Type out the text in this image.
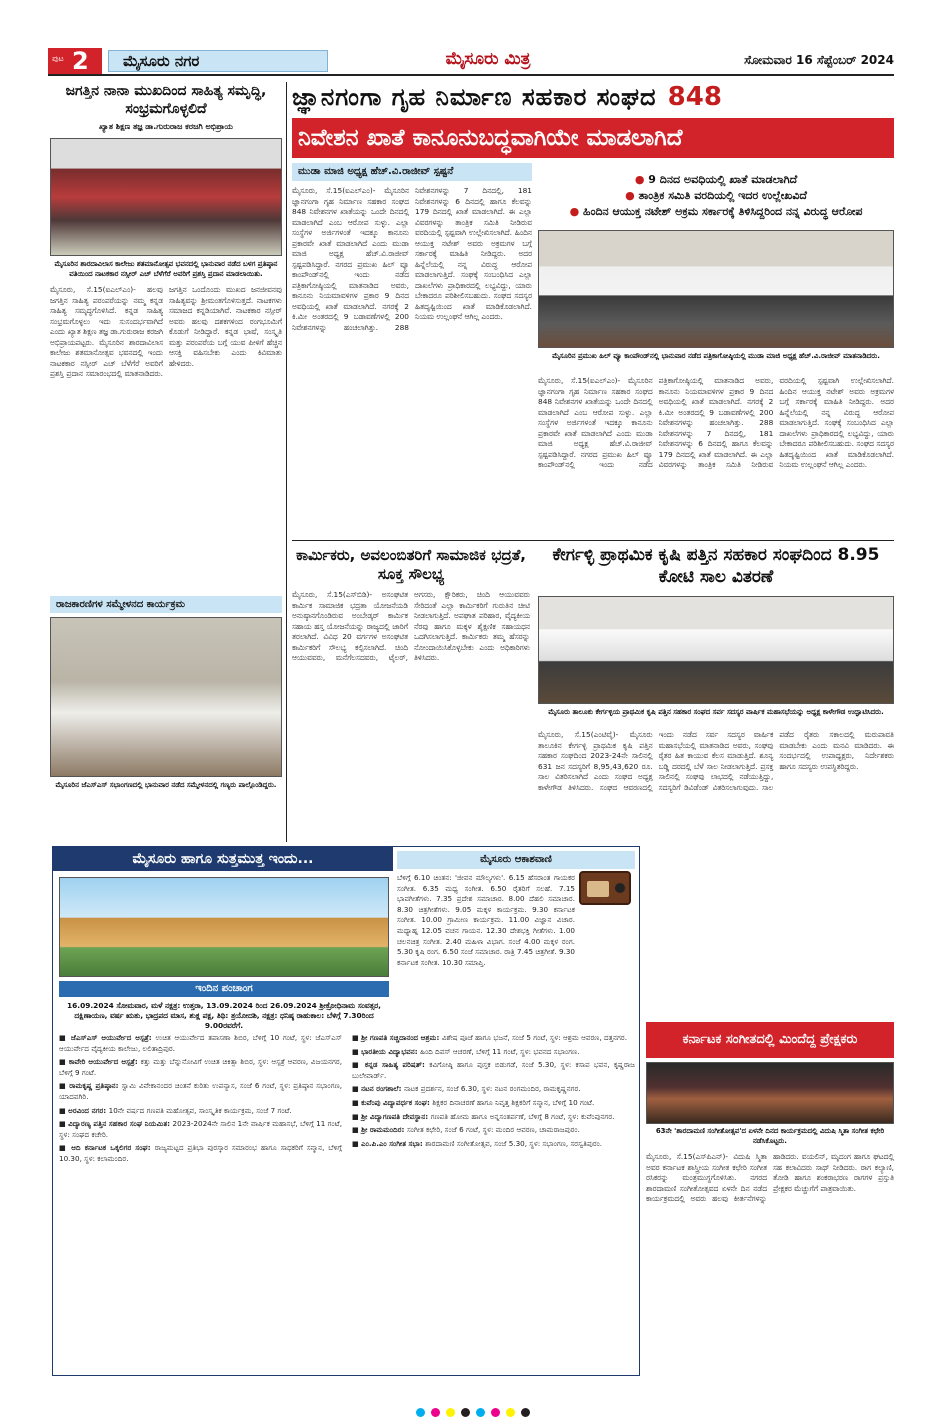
ಪುಟ 2	ಮೈಸೂರು ನಗರ	ಮೈಸೂರು ಮಿತ್ರ	ಸೋಮವಾರ 16 ಸೆಪ್ಟೆಂಬರ್ 2024
ಜಗತ್ತಿನ ನಾನಾ ಮುಖದಿಂದ ಸಾಹಿತ್ಯ ಸಮೃದ್ಧಿ, ಸಂಭ್ರಮಗೊಳ್ಳಲಿದೆ
ಖ್ಯಾತ ಶಿಕ್ಷಣ ತಜ್ಞ ಡಾ.ಗುರುರಾಜ ಕರಜಗಿ ಅಭಿಪ್ರಾಯ
ಮೈಸೂರಿನ ಶಾರದಾವಿಲಾಸ ಕಾಲೇಜು ಶತಮಾನೋತ್ಸವ ಭವನದಲ್ಲಿ ಭಾನುವಾರ ನಡೆದ ಬಳಗ ಪ್ರತಿಷ್ಠಾನ ವತಿಯಿಂದ ನಾಟಕಕಾರ ನಸ್ಸೀರ್ ಎಚ್ ಬೆಳೆಗೆರೆ ಅವರಿಗೆ ಪ್ರಶಸ್ತಿ ಪ್ರದಾನ ಮಾಡಲಾಯಿತು.
ಮೈಸೂರು, ಸೆ.15(ಐಎಲ್‌ಎಂ)- ಹಲವು ಜಗತ್ತಿನ ಸಾಹಿತ್ಯ ಪರಂಪರೆಯನ್ನು ನಮ್ಮ ಕನ್ನಡ ಸಾಹಿತ್ಯ ಸಮೃದ್ಧಗೊಳಿಸಿದೆ. ಕನ್ನಡ ಸಾಹಿತ್ಯ ಸಂಭ್ರಮಗೊಳ್ಳಲು ಇದು ಸುಸಂದರ್ಭವಾಗಿದೆ ಎಂದು ಖ್ಯಾತ ಶಿಕ್ಷಣ ತಜ್ಞ ಡಾ.ಗುರುರಾಜ ಕರಜಗಿ ಅಭಿಪ್ರಾಯಪಟ್ಟರು. ಮೈಸೂರಿನ ಶಾರದಾವಿಲಾಸ ಕಾಲೇಜು ಶತಮಾನೋತ್ಸವ ಭವನದಲ್ಲಿ ಇಂದು ನಾಟಕಕಾರ ನಸ್ಸೀರ್ ಎಚ್ ಬೆಳೆಗೆರೆ ಅವರಿಗೆ ಪ್ರಶಸ್ತಿ ಪ್ರದಾನ ಸಮಾರಂಭದಲ್ಲಿ ಮಾತನಾಡಿದರು. ಜಗತ್ತಿನ ಒಂದೊಂದು ಮುಖದ ಜನಜೀವನವು ಸಾಹಿತ್ಯವನ್ನು ಶ್ರೀಮಂತಗೊಳಿಸುತ್ತದೆ. ನಾಟಕಗಳು ಸಮಾಜದ ಕನ್ನಡಿಯಾಗಿವೆ. ನಾಟಕಕಾರ ನಸ್ಸೀರ್ ಅವರು ಹಲವು ದಶಕಗಳಿಂದ ರಂಗಭೂಮಿಗೆ ಕೊಡುಗೆ ನೀಡಿದ್ದಾರೆ. ಕನ್ನಡ ಭಾಷೆ, ಸಂಸ್ಕೃತಿ ಮತ್ತು ಪರಂಪರೆಯ ಬಗ್ಗೆ ಯುವ ಪೀಳಿಗೆ ಹೆಚ್ಚಿನ ಆಸಕ್ತಿ ವಹಿಸಬೇಕು ಎಂದು ಕಿವಿಮಾತು ಹೇಳಿದರು.
ಜ್ಞಾನಗಂಗಾ ಗೃಹ ನಿರ್ಮಾಣ ಸಹಕಾರ ಸಂಘದ 848
ನಿವೇಶನ ಖಾತೆ ಕಾನೂನುಬದ್ಧವಾಗಿಯೇ ಮಾಡಲಾಗಿದೆ
ಮುಡಾ ಮಾಜಿ ಅಧ್ಯಕ್ಷ ಹೆಚ್.ವಿ.ರಾಜೀವ್ ಸ್ಪಷ್ಟನೆ
ಮೈಸೂರು, ಸೆ.15(ಐಎಲ್‌ಎಂ)- ಮೈಸೂರಿನ ಜ್ಞಾನಗಂಗಾ ಗೃಹ ನಿರ್ಮಾಣ ಸಹಕಾರ ಸಂಘದ 848 ನಿವೇಶನಗಳ ಖಾತೆಯನ್ನು ಒಂದೇ ದಿನದಲ್ಲಿ ಮಾಡಲಾಗಿದೆ ಎಂಬ ಆರೋಪ ಸುಳ್ಳು. ಎಲ್ಲಾ ಸಂಸ್ಥೆಗಳ ಅರ್ಜಿಗಳಂತೆ ಇದಕ್ಕೂ ಕಾನೂನು ಪ್ರಕಾರವೇ ಖಾತೆ ಮಾಡಲಾಗಿದೆ ಎಂದು ಮುಡಾ ಮಾಜಿ ಅಧ್ಯಕ್ಷ ಹೆಚ್.ವಿ.ರಾಜೀವ್ ಸ್ಪಷ್ಟಪಡಿಸಿದ್ದಾರೆ. ನಗರದ ಪ್ರಮುಖ ಹಿಲ್ ವ್ಯೂ ಕಾಂಪೌಂಡ್‌ನಲ್ಲಿ ಇಂದು ನಡೆದ ಪತ್ರಿಕಾಗೋಷ್ಠಿಯಲ್ಲಿ ಮಾತನಾಡಿದ ಅವರು, ಕಾನೂನು ನಿಯಮಾವಳಿಗಳ ಪ್ರಕಾರ 9 ದಿನದ ಅವಧಿಯಲ್ಲಿ ಖಾತೆ ಮಾಡಲಾಗಿದೆ. ನಗರಕ್ಕೆ 2 ಕಿ.ಮೀ ಅಂತರದಲ್ಲಿ 9 ಬಡಾವಣೆಗಳಲ್ಲಿ 200 ನಿವೇಶನಗಳನ್ನು ಹಂಚಲಾಗಿತ್ತು. 288 ನಿವೇಶನಗಳನ್ನು 7 ದಿನದಲ್ಲಿ, 181 ನಿವೇಶನಗಳನ್ನು 6 ದಿನದಲ್ಲಿ ಹಾಗೂ ಕೆಲವನ್ನು 179 ದಿನದಲ್ಲಿ ಖಾತೆ ಮಾಡಲಾಗಿದೆ. ಈ ಎಲ್ಲಾ ವಿವರಗಳನ್ನು ತಾಂತ್ರಿಕ ಸಮಿತಿ ನೀಡಿರುವ ವರದಿಯಲ್ಲಿ ಸ್ಪಷ್ಟವಾಗಿ ಉಲ್ಲೇಖಿಸಲಾಗಿದೆ. ಹಿಂದಿನ ಆಯುಕ್ತ ನಟೇಶ್ ಅವರು ಅಕ್ರಮಗಳ ಬಗ್ಗೆ ಸರ್ಕಾರಕ್ಕೆ ಮಾಹಿತಿ ನೀಡಿದ್ದರು. ಅದರ ಹಿನ್ನೆಲೆಯಲ್ಲಿ ನನ್ನ ವಿರುದ್ಧ ಆರೋಪ ಮಾಡಲಾಗುತ್ತಿದೆ. ಸಂಘಕ್ಕೆ ಸಂಬಂಧಿಸಿದ ಎಲ್ಲಾ ದಾಖಲೆಗಳು ಪ್ರಾಧಿಕಾರದಲ್ಲಿ ಲಭ್ಯವಿದ್ದು, ಯಾರು ಬೇಕಾದರೂ ಪರಿಶೀಲಿಸಬಹುದು. ಸಂಘದ ಸದಸ್ಯರ ಹಿತದೃಷ್ಟಿಯಿಂದ ಖಾತೆ ಮಾಡಿಕೊಡಲಾಗಿದೆ. ನಿಯಮ ಉಲ್ಲಂಘನೆ ಆಗಿಲ್ಲ ಎಂದರು.
● 9 ದಿನದ ಅವಧಿಯಲ್ಲಿ ಖಾತೆ ಮಾಡಲಾಗಿದೆ
● ತಾಂತ್ರಿಕ ಸಮಿತಿ ವರದಿಯಲ್ಲಿ ಇದರ ಉಲ್ಲೇಖವಿದೆ
● ಹಿಂದಿನ ಆಯುಕ್ತ ನಟೇಶ್ ಅಕ್ರಮ ಸರ್ಕಾರಕ್ಕೆ ತಿಳಿಸಿದ್ದರಿಂದ ನನ್ನ ವಿರುದ್ಧ ಆರೋಪ
ಮೈಸೂರಿನ ಪ್ರಮುಖ ಹಿಲ್ ವ್ಯೂ ಕಾಂಪೌಂಡ್‌ನಲ್ಲಿ ಭಾನುವಾರ ನಡೆದ ಪತ್ರಿಕಾಗೋಷ್ಠಿಯಲ್ಲಿ ಮುಡಾ ಮಾಜಿ ಅಧ್ಯಕ್ಷ ಹೆಚ್.ವಿ.ರಾಜೀವ್ ಮಾತನಾಡಿದರು.
ಮೈಸೂರು, ಸೆ.15(ಐಎಲ್‌ಎಂ)- ಮೈಸೂರಿನ ಜ್ಞಾನಗಂಗಾ ಗೃಹ ನಿರ್ಮಾಣ ಸಹಕಾರ ಸಂಘದ 848 ನಿವೇಶನಗಳ ಖಾತೆಯನ್ನು ಒಂದೇ ದಿನದಲ್ಲಿ ಮಾಡಲಾಗಿದೆ ಎಂಬ ಆರೋಪ ಸುಳ್ಳು. ಎಲ್ಲಾ ಸಂಸ್ಥೆಗಳ ಅರ್ಜಿಗಳಂತೆ ಇದಕ್ಕೂ ಕಾನೂನು ಪ್ರಕಾರವೇ ಖಾತೆ ಮಾಡಲಾಗಿದೆ ಎಂದು ಮುಡಾ ಮಾಜಿ ಅಧ್ಯಕ್ಷ ಹೆಚ್.ವಿ.ರಾಜೀವ್ ಸ್ಪಷ್ಟಪಡಿಸಿದ್ದಾರೆ. ನಗರದ ಪ್ರಮುಖ ಹಿಲ್ ವ್ಯೂ ಕಾಂಪೌಂಡ್‌ನಲ್ಲಿ ಇಂದು ನಡೆದ ಪತ್ರಿಕಾಗೋಷ್ಠಿಯಲ್ಲಿ ಮಾತನಾಡಿದ ಅವರು, ಕಾನೂನು ನಿಯಮಾವಳಿಗಳ ಪ್ರಕಾರ 9 ದಿನದ ಅವಧಿಯಲ್ಲಿ ಖಾತೆ ಮಾಡಲಾಗಿದೆ. ನಗರಕ್ಕೆ 2 ಕಿ.ಮೀ ಅಂತರದಲ್ಲಿ 9 ಬಡಾವಣೆಗಳಲ್ಲಿ 200 ನಿವೇಶನಗಳನ್ನು ಹಂಚಲಾಗಿತ್ತು. 288 ನಿವೇಶನಗಳನ್ನು 7 ದಿನದಲ್ಲಿ, 181 ನಿವೇಶನಗಳನ್ನು 6 ದಿನದಲ್ಲಿ ಹಾಗೂ ಕೆಲವನ್ನು 179 ದಿನದಲ್ಲಿ ಖಾತೆ ಮಾಡಲಾಗಿದೆ. ಈ ಎಲ್ಲಾ ವಿವರಗಳನ್ನು ತಾಂತ್ರಿಕ ಸಮಿತಿ ನೀಡಿರುವ ವರದಿಯಲ್ಲಿ ಸ್ಪಷ್ಟವಾಗಿ ಉಲ್ಲೇಖಿಸಲಾಗಿದೆ. ಹಿಂದಿನ ಆಯುಕ್ತ ನಟೇಶ್ ಅವರು ಅಕ್ರಮಗಳ ಬಗ್ಗೆ ಸರ್ಕಾರಕ್ಕೆ ಮಾಹಿತಿ ನೀಡಿದ್ದರು. ಅದರ ಹಿನ್ನೆಲೆಯಲ್ಲಿ ನನ್ನ ವಿರುದ್ಧ ಆರೋಪ ಮಾಡಲಾಗುತ್ತಿದೆ. ಸಂಘಕ್ಕೆ ಸಂಬಂಧಿಸಿದ ಎಲ್ಲಾ ದಾಖಲೆಗಳು ಪ್ರಾಧಿಕಾರದಲ್ಲಿ ಲಭ್ಯವಿದ್ದು, ಯಾರು ಬೇಕಾದರೂ ಪರಿಶೀಲಿಸಬಹುದು. ಸಂಘದ ಸದಸ್ಯರ ಹಿತದೃಷ್ಟಿಯಿಂದ ಖಾತೆ ಮಾಡಿಕೊಡಲಾಗಿದೆ. ನಿಯಮ ಉಲ್ಲಂಘನೆ ಆಗಿಲ್ಲ ಎಂದರು.
ರಾಜಕಾರಣಿಗಳ ಸಮ್ಮೇಳನದ ಕಾರ್ಯಕ್ರಮ
ಮೈಸೂರಿನ ಜೆಎಸ್‌ಎಸ್ ಸಭಾಂಗಣದಲ್ಲಿ ಭಾನುವಾರ ನಡೆದ ಸಮ್ಮೇಳನದಲ್ಲಿ ಗಣ್ಯರು ಪಾಲ್ಗೊಂಡಿದ್ದರು.
ಕಾರ್ಮಿಕರು, ಅವಲಂಬಿತರಿಗೆ ಸಾಮಾಜಿಕ ಭದ್ರತೆ, ಸೂಕ್ತ ಸೌಲಭ್ಯ
ಮೈಸೂರು, ಸೆ.15(ಎಸ್‌ಬಿಡಿ)- ಅಸಂಘಟಿತ ಕಾರ್ಮಿಕ ಸಾಮಾಜಿಕ ಭದ್ರತಾ ಯೋಜನೆಯಡಿ ಅನುಷ್ಠಾನಗೊಂಡಿರುವ ಅಂಬೇಡ್ಕರ್ ಕಾರ್ಮಿಕ ಸಹಾಯ ಹಸ್ತ ಯೋಜನೆಯನ್ನು ರಾಜ್ಯದಲ್ಲಿ ಜಾರಿಗೆ ತರಲಾಗಿದೆ. ವಿವಿಧ 20 ವರ್ಗಗಳ ಅಸಂಘಟಿತ ಕಾರ್ಮಿಕರಿಗೆ ಸೌಲಭ್ಯ ಕಲ್ಪಿಸಲಾಗಿದೆ. ಚಿಂದಿ ಆಯುವವರು, ಮನೆಗೆಲಸದವರು, ಟೈಲರ್, ಅಗಸರು, ಕ್ಷೌರಿಕರು, ಚಿಂದಿ ಆಯುವವರು ಸೇರಿದಂತೆ ಎಲ್ಲಾ ಕಾರ್ಮಿಕರಿಗೆ ಗುರುತಿನ ಚೀಟಿ ನೀಡಲಾಗುತ್ತಿದೆ. ಅಪಘಾತ ಪರಿಹಾರ, ವೈದ್ಯಕೀಯ ನೆರವು ಹಾಗೂ ಮಕ್ಕಳ ಶೈಕ್ಷಣಿಕ ಸಹಾಯಧನ ಒದಗಿಸಲಾಗುತ್ತಿದೆ. ಕಾರ್ಮಿಕರು ತಮ್ಮ ಹೆಸರನ್ನು ನೋಂದಾಯಿಸಿಕೊಳ್ಳಬೇಕು ಎಂದು ಅಧಿಕಾರಿಗಳು ತಿಳಿಸಿದರು.
ಕೇರ್ಗಳ್ಳಿ ಪ್ರಾಥಮಿಕ ಕೃಷಿ ಪತ್ತಿನ ಸಹಕಾರ ಸಂಘದಿಂದ 8.95 ಕೋಟಿ ಸಾಲ ವಿತರಣೆ
ಮೈಸೂರು ತಾಲೂಕು ಕೇರ್ಗಳ್ಳಿಯ ಪ್ರಾಥಮಿಕ ಕೃಷಿ ಪತ್ತಿನ ಸಹಕಾರ ಸಂಘದ ಸರ್ವ ಸದಸ್ಯರ ವಾರ್ಷಿಕ ಮಹಾಸಭೆಯನ್ನು ಅಧ್ಯಕ್ಷ ಕಾಳೇಗೌಡ ಉದ್ಘಾಟಿಸಿದರು.
ಮೈಸೂರು, ಸೆ.15(ಎಂಟಿವೈ)- ಮೈಸೂರು ತಾಲೂಕಿನ ಕೇರ್ಗಳ್ಳಿ ಪ್ರಾಥಮಿಕ ಕೃಷಿ ಪತ್ತಿನ ಸಹಕಾರ ಸಂಘದಿಂದ 2023-24ನೇ ಸಾಲಿನಲ್ಲಿ 631 ಜನ ಸದಸ್ಯರಿಗೆ 8,95,43,620 ರೂ. ಸಾಲ ವಿತರಿಸಲಾಗಿದೆ ಎಂದು ಸಂಘದ ಅಧ್ಯಕ್ಷ ಕಾಳೇಗೌಡ ತಿಳಿಸಿದರು. ಸಂಘದ ಆವರಣದಲ್ಲಿ ಇಂದು ನಡೆದ ಸರ್ವ ಸದಸ್ಯರ ವಾರ್ಷಿಕ ಮಹಾಸಭೆಯಲ್ಲಿ ಮಾತನಾಡಿದ ಅವರು, ಸಂಘವು ರೈತರ ಹಿತ ಕಾಯುವ ಕೆಲಸ ಮಾಡುತ್ತಿದೆ. ಶೂನ್ಯ ಬಡ್ಡಿ ದರದಲ್ಲಿ ಬೆಳೆ ಸಾಲ ನೀಡಲಾಗುತ್ತಿದೆ. ಪ್ರಸಕ್ತ ಸಾಲಿನಲ್ಲಿ ಸಂಘವು ಲಾಭದಲ್ಲಿ ನಡೆಯುತ್ತಿದ್ದು, ಸದಸ್ಯರಿಗೆ ಡಿವಿಡೆಂಡ್ ವಿತರಿಸಲಾಗುವುದು. ಸಾಲ ಪಡೆದ ರೈತರು ಸಕಾಲದಲ್ಲಿ ಮರುಪಾವತಿ ಮಾಡಬೇಕು ಎಂದು ಮನವಿ ಮಾಡಿದರು. ಈ ಸಂದರ್ಭದಲ್ಲಿ ಉಪಾಧ್ಯಕ್ಷರು, ನಿರ್ದೇಶಕರು ಹಾಗೂ ಸದಸ್ಯರು ಉಪಸ್ಥಿತರಿದ್ದರು.
ಮೈಸೂರು ಹಾಗೂ ಸುತ್ತಮುತ್ತ ಇಂದು...
ಇಂದಿನ ಪಂಚಾಂಗ
16.09.2024 ಸೋಮವಾರ, ಮಳೆ ನಕ್ಷತ್ರ: ಉತ್ತರಾ, 13.09.2024 ರಿಂದ 26.09.2024 ಶ್ರೀಕ್ರೋಧಿನಾಮ ಸಂವತ್ಸರ, ದಕ್ಷಿಣಾಯಣ, ವರ್ಷ ಋತು, ಭಾದ್ರಪದ ಮಾಸ, ಶುಕ್ಲ ಪಕ್ಷ, ತಿಥಿ: ತ್ರಯೋದಶಿ, ನಕ್ಷತ್ರ: ಧನಿಷ್ಠ ರಾಹುಕಾಲ: ಬೆಳಿಗ್ಗೆ 7.30ರಿಂದ 9.00ರವರೆಗೆ.
ಮೈಸೂರು ಆಕಾಶವಾಣಿ
ಬೆಳಿಗ್ಗೆ 6.10 ಚಿಂತನ: 'ಜೀವನ ಮೌಲ್ಯಗಳು'. 6.15 ಹೆಸರಾಂತ ಗಾಯಕರ ಸಂಗೀತ. 6.35 ಮಧ್ಯ ಸಂಗೀತ. 6.50 ರೈತರಿಗೆ ಸಲಹೆ. 7.15 ಭಾವಗೀತೆಗಳು. 7.35 ಪ್ರದೇಶ ಸಮಾಚಾರ. 8.00 ದೆಹಲಿ ಸಮಾಚಾರ. 8.30 ಚಿತ್ರಗೀತೆಗಳು. 9.05 ಮಕ್ಕಳ ಕಾರ್ಯಕ್ರಮ. 9.30 ಕರ್ನಾಟಕ ಸಂಗೀತ. 10.00 ಗ್ರಾಮೀಣ ಕಾರ್ಯಕ್ರಮ. 11.00 ವಿಜ್ಞಾನ ವಿಚಾರ. ಮಧ್ಯಾಹ್ನ 12.05 ವಚನ ಗಾಯನ. 12.30 ದೇಶಭಕ್ತಿ ಗೀತೆಗಳು. 1.00 ಚಲನಚಿತ್ರ ಸಂಗೀತ. 2.40 ಮಹಿಳಾ ವಿಭಾಗ. ಸಂಜೆ 4.00 ಮಕ್ಕಳ ರಂಗ. 5.30 ಕೃಷಿ ರಂಗ. 6.50 ಸಂಜೆ ಸಮಾಚಾರ. ರಾತ್ರಿ 7.45 ಚಿತ್ರಗೀತೆ. 9.30 ಕರ್ನಾಟಕ ಸಂಗೀತ. 10.30 ಸಮಾಪ್ತಿ.
■ ಜೆಎಸ್‌ಎಸ್ ಆಯುರ್ವೇದ ಆಸ್ಪತ್ರೆ: ಉಚಿತ ಆಯುರ್ವೇದ ತಪಾಸಣಾ ಶಿಬಿರ, ಬೆಳಿಗ್ಗೆ 10 ಗಂಟೆ, ಸ್ಥಳ: ಜೆಎಸ್‌ಎಸ್ ಆಯುರ್ವೇದ ವೈದ್ಯಕೀಯ ಕಾಲೇಜು, ಲಲಿತಾದ್ರಿಪುರ.
■ ಕಾವೇರಿ ಆಯುರ್ವೇದ ಆಸ್ಪತ್ರೆ: ಕತ್ತು ಮತ್ತು ಬೆನ್ನುನೋವಿಗೆ ಉಚಿತ ಚಿಕಿತ್ಸಾ ಶಿಬಿರ, ಸ್ಥಳ: ಆಸ್ಪತ್ರೆ ಆವರಣ, ವಿಜಯನಗರ, ಬೆಳಿಗ್ಗೆ 9 ಗಂಟೆ.
■ ರಾಮಕೃಷ್ಣ ಪ್ರತಿಷ್ಠಾನ: ಸ್ವಾಮಿ ವಿವೇಕಾನಂದರ ಚಿಂತನೆ ಕುರಿತು ಉಪನ್ಯಾಸ, ಸಂಜೆ 6 ಗಂಟೆ, ಸ್ಥಳ: ಪ್ರತಿಷ್ಠಾನ ಸಭಾಂಗಣ, ಯಾದವಗಿರಿ.
■ ಅರವಿಂದ ನಗರ: 10ನೇ ವರ್ಷದ ಗಣಪತಿ ಮಹೋತ್ಸವ, ಸಾಂಸ್ಕೃತಿಕ ಕಾರ್ಯಕ್ರಮ, ಸಂಜೆ 7 ಗಂಟೆ.
■ ವಿದ್ಯಾರಣ್ಯ ಪತ್ತಿನ ಸಹಕಾರ ಸಂಘ ನಿಯಮಿತ: 2023-2024ನೇ ಸಾಲಿನ 1ನೇ ವಾರ್ಷಿಕ ಮಹಾಸಭೆ, ಬೆಳಿಗ್ಗೆ 11 ಗಂಟೆ, ಸ್ಥಳ: ಸಂಘದ ಕಚೇರಿ.
■ ಆದಿ ಕರ್ನಾಟಕ ಒಕ್ಕಲಿಗರ ಸಂಘ: ರಾಜ್ಯಮಟ್ಟದ ಪ್ರತಿಭಾ ಪುರಸ್ಕಾರ ಸಮಾರಂಭ ಹಾಗೂ ಸಾಧಕರಿಗೆ ಸನ್ಮಾನ, ಬೆಳಿಗ್ಗೆ 10.30, ಸ್ಥಳ: ಕಲಾಮಂದಿರ.
■ ಶ್ರೀ ಗಣಪತಿ ಸಚ್ಚಿದಾನಂದ ಆಶ್ರಮ: ವಿಶೇಷ ಪೂಜೆ ಹಾಗೂ ಭಜನೆ, ಸಂಜೆ 5 ಗಂಟೆ, ಸ್ಥಳ: ಆಶ್ರಮ ಆವರಣ, ದತ್ತನಗರ.
■ ಭಾರತೀಯ ವಿದ್ಯಾಭವನ: ಹಿಂದಿ ದಿವಸ್ ಆಚರಣೆ, ಬೆಳಿಗ್ಗೆ 11 ಗಂಟೆ, ಸ್ಥಳ: ಭವನದ ಸಭಾಂಗಣ.
■ ಕನ್ನಡ ಸಾಹಿತ್ಯ ಪರಿಷತ್: ಕವಿಗೋಷ್ಠಿ ಹಾಗೂ ಪುಸ್ತಕ ಬಿಡುಗಡೆ, ಸಂಜೆ 5.30, ಸ್ಥಳ: ಕಸಾಪ ಭವನ, ಕೃಷ್ಣರಾಜ ಬುಲೇವಾರ್ಡ್.
■ ನಟನ ರಂಗಶಾಲೆ: ನಾಟಕ ಪ್ರದರ್ಶನ, ಸಂಜೆ 6.30, ಸ್ಥಳ: ನಟನ ರಂಗಮಂದಿರ, ರಾಮಕೃಷ್ಣನಗರ.
■ ಕುವೆಂಪು ವಿದ್ಯಾವರ್ಧಕ ಸಂಘ: ಶಿಕ್ಷಕರ ದಿನಾಚರಣೆ ಹಾಗೂ ನಿವೃತ್ತ ಶಿಕ್ಷಕರಿಗೆ ಸನ್ಮಾನ, ಬೆಳಿಗ್ಗೆ 10 ಗಂಟೆ.
■ ಶ್ರೀ ವಿದ್ಯಾಗಣಪತಿ ದೇವಸ್ಥಾನ: ಗಣಪತಿ ಹೋಮ ಹಾಗೂ ಅನ್ನಸಂತರ್ಪಣೆ, ಬೆಳಿಗ್ಗೆ 8 ಗಂಟೆ, ಸ್ಥಳ: ಕುವೆಂಪುನಗರ.
■ ಶ್ರೀ ರಾಮಮಂದಿರ: ಸಂಗೀತ ಕಛೇರಿ, ಸಂಜೆ 6 ಗಂಟೆ, ಸ್ಥಳ: ಮಂದಿರ ಆವರಣ, ಚಾಮರಾಜಪುರಂ.
■ ಎಂ.ಪಿ.ಎಂ ಸಂಗೀತ ಸಭಾ: ಶಾರದಾಮಣಿ ಸಂಗೀತೋತ್ಸವ, ಸಂಜೆ 5.30, ಸ್ಥಳ: ಸಭಾಂಗಣ, ಸರಸ್ವತಿಪುರಂ.
ಕರ್ನಾಟಕ ಸಂಗೀತದಲ್ಲಿ ಮಿಂದೆದ್ದ ಪ್ರೇಕ್ಷಕರು
63ನೇ 'ಶಾರದಾಮಣಿ ಸಂಗೀತೋತ್ಸವ'ದ ಏಳನೇ ದಿನದ ಕಾರ್ಯಕ್ರಮದಲ್ಲಿ ವಿದುಷಿ ಸ್ಮಿತಾ ಸಂಗೀತ ಕಛೇರಿ ನಡೆಸಿಕೊಟ್ಟರು.
ಮೈಸೂರು, ಸೆ.15(ಎಸ್‌ಪಿಎನ್)- ವಿದುಷಿ ಸ್ಮಿತಾ ಅವರ ಕರ್ನಾಟಕ ಶಾಸ್ತ್ರೀಯ ಸಂಗೀತ ಕಛೇರಿ ಸಂಗೀತ ರಸಿಕರನ್ನು ಮಂತ್ರಮುಗ್ಧಗೊಳಿಸಿತು. ನಗರದ ಶಾರದಾಮಣಿ ಸಂಗೀತೋತ್ಸವದ ಏಳನೇ ದಿನ ನಡೆದ ಕಾರ್ಯಕ್ರಮದಲ್ಲಿ ಅವರು ಹಲವು ಕೀರ್ತನೆಗಳನ್ನು ಹಾಡಿದರು. ವಯಲಿನ್, ಮೃದಂಗ ಹಾಗೂ ಘಟದಲ್ಲಿ ಸಹ ಕಲಾವಿದರು ಸಾಥ್ ನೀಡಿದರು. ರಾಗ ಕಲ್ಯಾಣಿ, ತೋಡಿ ಹಾಗೂ ಶಂಕರಾಭರಣ ರಾಗಗಳ ಪ್ರಸ್ತುತಿ ಪ್ರೇಕ್ಷಕರ ಮೆಚ್ಚುಗೆಗೆ ಪಾತ್ರವಾಯಿತು.
